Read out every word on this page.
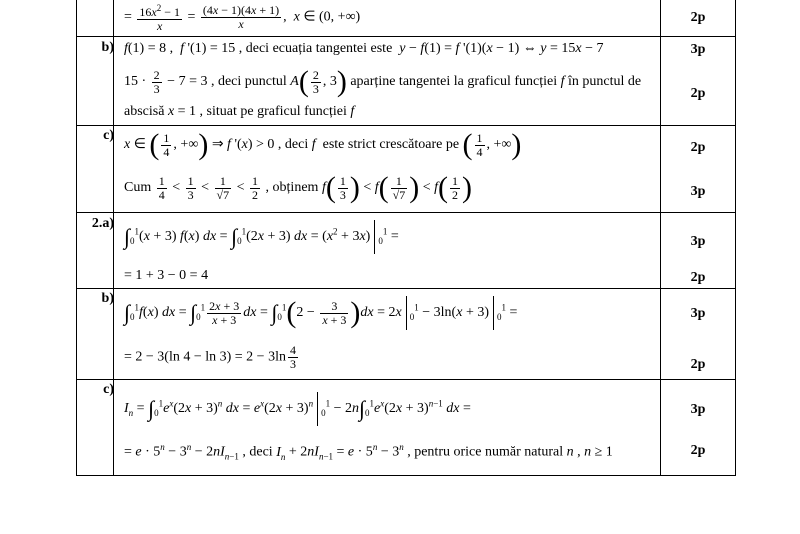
= $\frac{16x^2 - 1}{x} = \frac{(4x - 1)(4x + 1)}{x}$ ,  x ∈ (0, +∞)	2p
b) f(1) = 8 ,  f '(1) = 15 , deci ecuația tangentei este  y − f(1) = f '(1)(x − 1) ⇔ y = 15x − 7	3p
$15 \cdot \frac{2}{3} - 7 = 3$ , deci punctul $A( \frac{2}{3}$ , 3) aparține tangentei la graficul funcției f în punctul de
abscisă x = 1 , situat pe graficul funcției f
2p
c)
x ∈ ( $\frac{1}{4}$ , +∞) ⇒ f '(x) > 0 , deci f  este strict crescătoare pe ( $\frac{1}{4}$ , +∞)	2p
Cum $\frac{1}{4} < \frac{1}{3} < \frac{1}{√7} < \frac{1}{2}$ , obținem $f( \frac{1}{3}$ ) < $f( \frac{1}{√7}$ ) < $f( \frac{1}{2}$ )	3p
2.a)
$\int_0^1(x + 3)$ f(x) dx = $\int_0^1(2x + 3)$ dx = $(x^2 + 3x) _0^1$ =	3p
= 1 + 3 − 0 = 4	2p
b)
$\int_0^1f(x)$ dx = $\int_0^1 \frac{2x + 3}{x + 3}$ dx = $\int_0^1(2 - \frac{3}{x + 3} )dx = 2x$ $_0^1$ − 3ln(x + 3) $_0^1$ =	3p
= 2 − 3(ln $4 - \ln 3) = 2 - 3\ln \frac{4}{3}$	2p
c)
$I_n = \int_0^1e^x(2x + 3)^n$ dx = $e^x(2x + 3)^n_0^1 - 2n\int_0^1e^x(2x + 3)^{n-1}$ dx =	3p
= $e \cdot 5^n - 3^n - 2nI_{n-1}$ , deci $I_n + 2nI_{n-1} = e \cdot 5^n - 3^n$ , pentru orice număr natural n , n ≥ 1	2p
